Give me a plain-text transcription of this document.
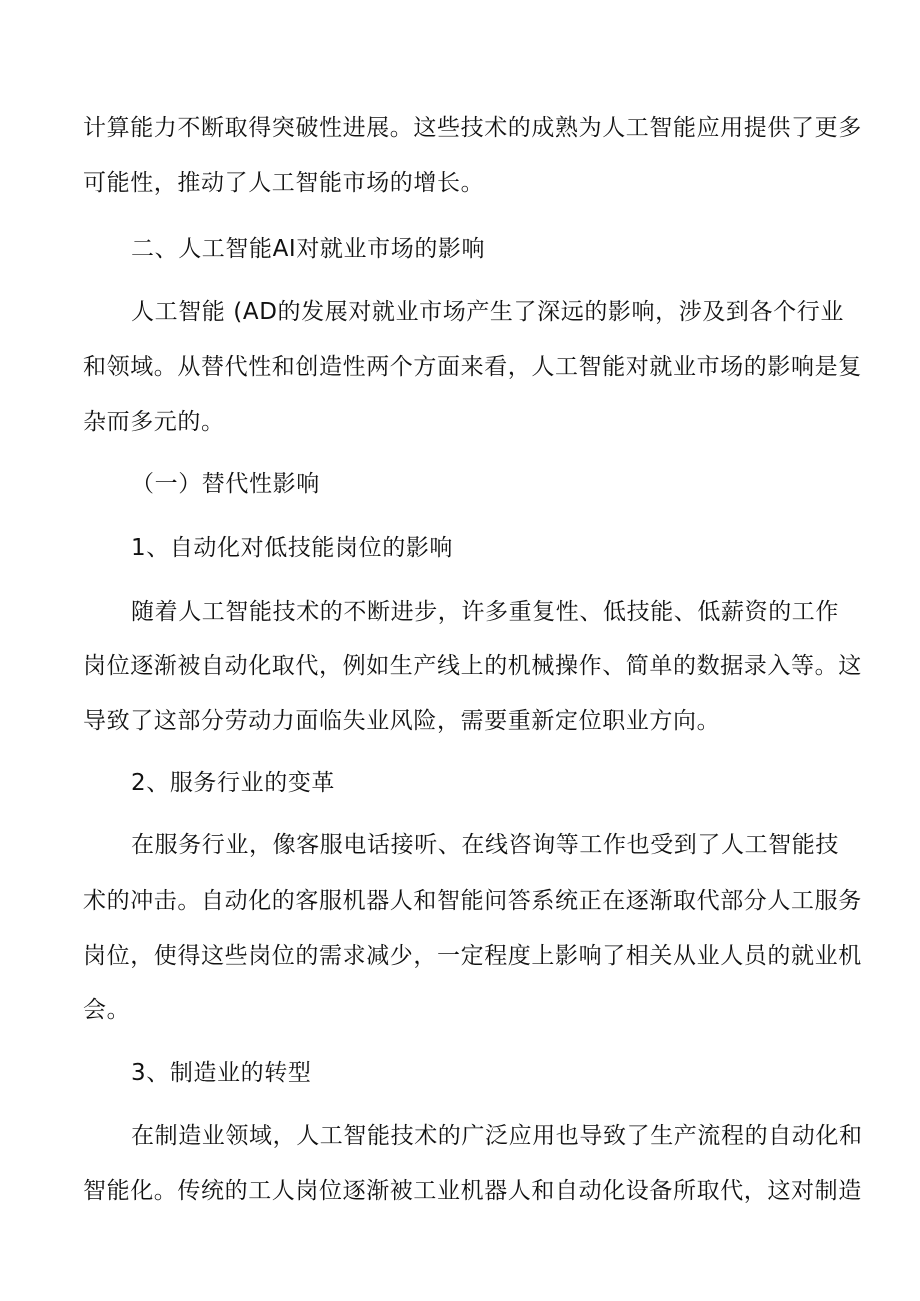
计算能力不断取得突破性进展。这些技术的成熟为人工智能应用提供了更多
可能性，推动了人工智能市场的增长。
二、人工智能AI对就业市场的影响
人工智能 (AD的发展对就业市场产生了深远的影响，涉及到各个行业
和领域。从替代性和创造性两个方面来看，人工智能对就业市场的影响是复
杂而多元的。
（一）替代性影响
1、自动化对低技能岗位的影响
随着人工智能技术的不断进步，许多重复性、低技能、低薪资的工作
岗位逐渐被自动化取代，例如生产线上的机械操作、简单的数据录入等。这
导致了这部分劳动力面临失业风险，需要重新定位职业方向。
2、服务行业的变革
在服务行业，像客服电话接听、在线咨询等工作也受到了人工智能技
术的冲击。自动化的客服机器人和智能问答系统正在逐渐取代部分人工服务
岗位，使得这些岗位的需求减少，一定程度上影响了相关从业人员的就业机
会。
3、制造业的转型
在制造业领域，人工智能技术的广泛应用也导致了生产流程的自动化和
智能化。传统的工人岗位逐渐被工业机器人和自动化设备所取代，这对制造
